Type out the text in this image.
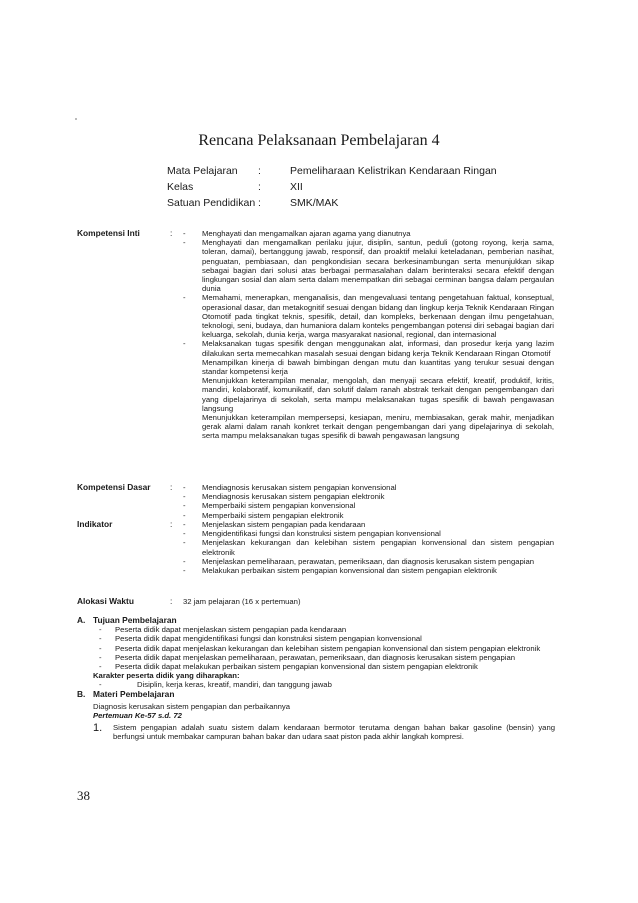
Rencana Pelaksanaan Pembelajaran 4
Mata Pelajaran	:	Pemeliharaan Kelistrikan Kendaraan Ringan
Kelas	:	XII
Satuan Pendidikan :	SMK/MAK
Kompetensi Inti	: - Menghayati dan mengamalkan ajaran agama yang dianutnya
- Menghayati dan mengamalkan perilaku jujur, disiplin, santun, peduli (gotong royong, kerja sama, toleran, damai), bertanggung jawab, responsif, dan proaktif melalui keteladanan, pemberian nasihat, penguatan, pembiasaan, dan pengkondisian secara berkesinambungan serta menunjukkan sikap sebagai bagian dari solusi atas berbagai permasalahan dalam berinteraksi secara efektif dengan lingkungan sosial dan alam serta dalam menempatkan diri sebagai cerminan bangsa dalam pergaulan dunia
- Memahami, menerapkan, menganalisis, dan mengevaluasi tentang pengetahuan faktual, konseptual, operasional dasar, dan metakognitif sesuai dengan bidang dan lingkup kerja Teknik Kendaraan Ringan Otomotif pada tingkat teknis, spesifik, detail, dan kompleks, berkenaan dengan ilmu pengetahuan, teknologi, seni, budaya, dan humaniora dalam konteks pengembangan potensi diri sebagai bagian dari keluarga, sekolah, dunia kerja, warga masyarakat nasional, regional, dan internasional
- Melaksanakan tugas spesifik dengan menggunakan alat, informasi, dan prosedur kerja yang lazim dilakukan serta memecahkan masalah sesuai dengan bidang kerja Teknik Kendaraan Ringan Otomotif
Menampilkan kinerja di bawah bimbingan dengan mutu dan kuantitas yang terukur sesuai dengan standar kompetensi kerja
Menunjukkan keterampilan menalar, mengolah, dan menyaji secara efektif, kreatif, produktif, kritis, mandiri, kolaboratif, komunikatif, dan solutif dalam ranah abstrak terkait dengan pengembangan dari yang dipelajarinya di sekolah, serta mampu melaksanakan tugas spesifik di bawah pengawasan langsung
Menunjukkan keterampilan mempersepsi, kesiapan, meniru, membiasakan, gerak mahir, menjadikan gerak alami dalam ranah konkret terkait dengan pengembangan dari yang dipelajarinya di sekolah, serta mampu melaksanakan tugas spesifik di bawah pengawasan langsung
Kompetensi Dasar : - Mendiagnosis kerusakan sistem pengapian konvensional
- Mendiagnosis kerusakan sistem pengapian elektronik
- Memperbaiki sistem pengapian konvensional
- Memperbaiki sistem pengapian elektronik
Indikator	: - Menjelaskan sistem pengapian pada kendaraan
- Mengidentifikasi fungsi dan konstruksi sistem pengapian konvensional
- Menjelaskan kekurangan dan kelebihan sistem pengapian konvensional dan sistem pengapian elektronik
- Menjelaskan pemeliharaan, perawatan, pemeriksaan, dan diagnosis kerusakan sistem pengapian
- Melakukan perbaikan sistem pengapian konvensional dan sistem pengapian elektronik
Alokasi Waktu	: 32 jam pelajaran (16 x pertemuan)
A. Tujuan Pembelajaran
- Peserta didik dapat menjelaskan sistem pengapian pada kendaraan
- Peserta didik dapat mengidentifikasi fungsi dan konstruksi sistem pengapian konvensional
- Peserta didik dapat menjelaskan kekurangan dan kelebihan sistem pengapian konvensional dan sistem pengapian elektronik
- Peserta didik dapat menjelaskan pemeliharaan, perawatan, pemeriksaan, dan diagnosis kerusakan sistem pengapian
- Peserta didik dapat melakukan perbaikan sistem pengapian konvensional dan sistem pengapian elektronik
Karakter peserta didik yang diharapkan:
-	Disiplin, kerja keras, kreatif, mandiri, dan tanggung jawab
B. Materi Pembelajaran
Diagnosis kerusakan sistem pengapian dan perbaikannya
Pertemuan Ke-57 s.d. 72
1.	Sistem pengapian adalah suatu sistem dalam kendaraan bermotor terutama dengan bahan bakar gasoline (bensin) yang berfungsi untuk membakar campuran bahan bakar dan udara saat piston pada akhir langkah kompresi.
38
